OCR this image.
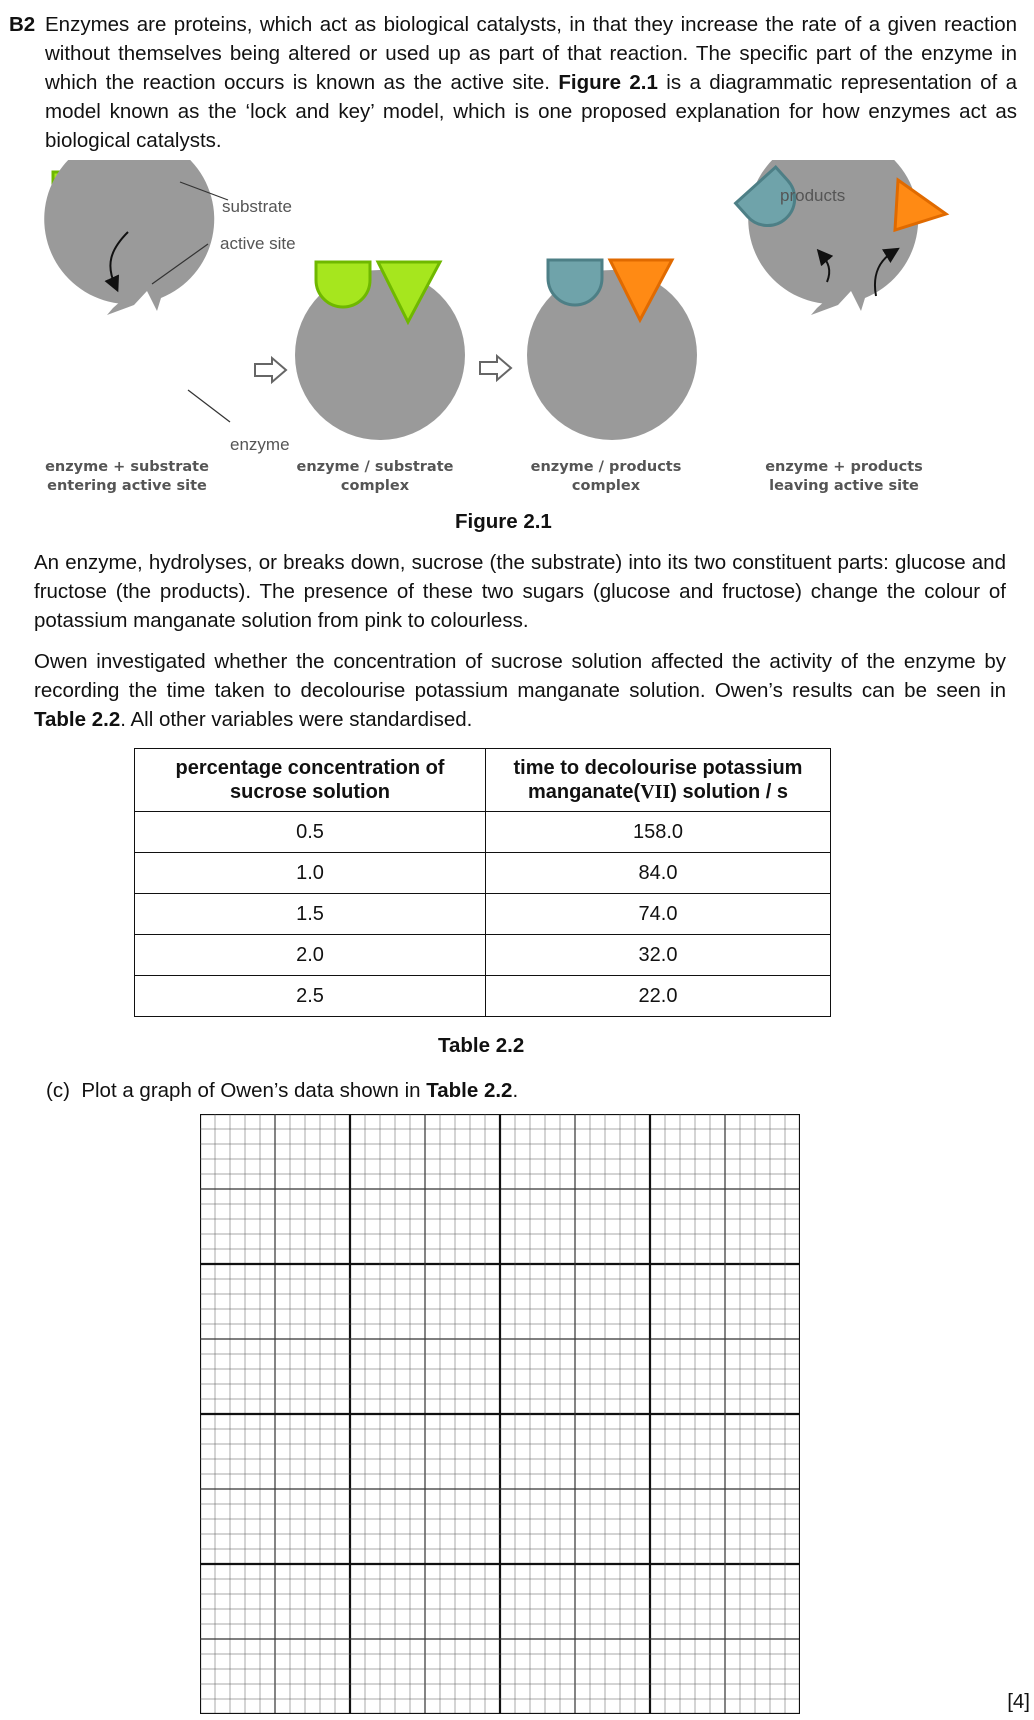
B2 Enzymes are proteins, which act as biological catalysts, in that they increase the rate of a given reaction without themselves being altered or used up as part of that reaction. The specific part of the enzyme in which the reaction occurs is known as the active site. Figure 2.1 is a diagrammatic representation of a model known as the ‘lock and key’ model, which is one proposed explanation for how enzymes act as biological catalysts.

substrate
active site
enzyme
products
enzyme + substrate
entering active site
enzyme / substrate
complex
enzyme / products
complex
enzyme + products
leaving active site
Figure 2.1

An enzyme, hydrolyses, or breaks down, sucrose (the substrate) into its two constituent parts: glucose and fructose (the products). The presence of these two sugars (glucose and fructose) change the colour of potassium manganate solution from pink to colourless.

Owen investigated whether the concentration of sucrose solution affected the activity of the enzyme by recording the time taken to decolourise potassium manganate solution. Owen’s results can be seen in Table 2.2. All other variables were standardised.

percentage concentration of sucrose solution	time to decolourise potassium
manganate(VII) solution / s
0.5	158.0
1.0	84.0
1.5	74.0
2.0	32.0
2.5	22.0
Table 2.2

(c) Plot a graph of Owen’s data shown in Table 2.2.

[4]
